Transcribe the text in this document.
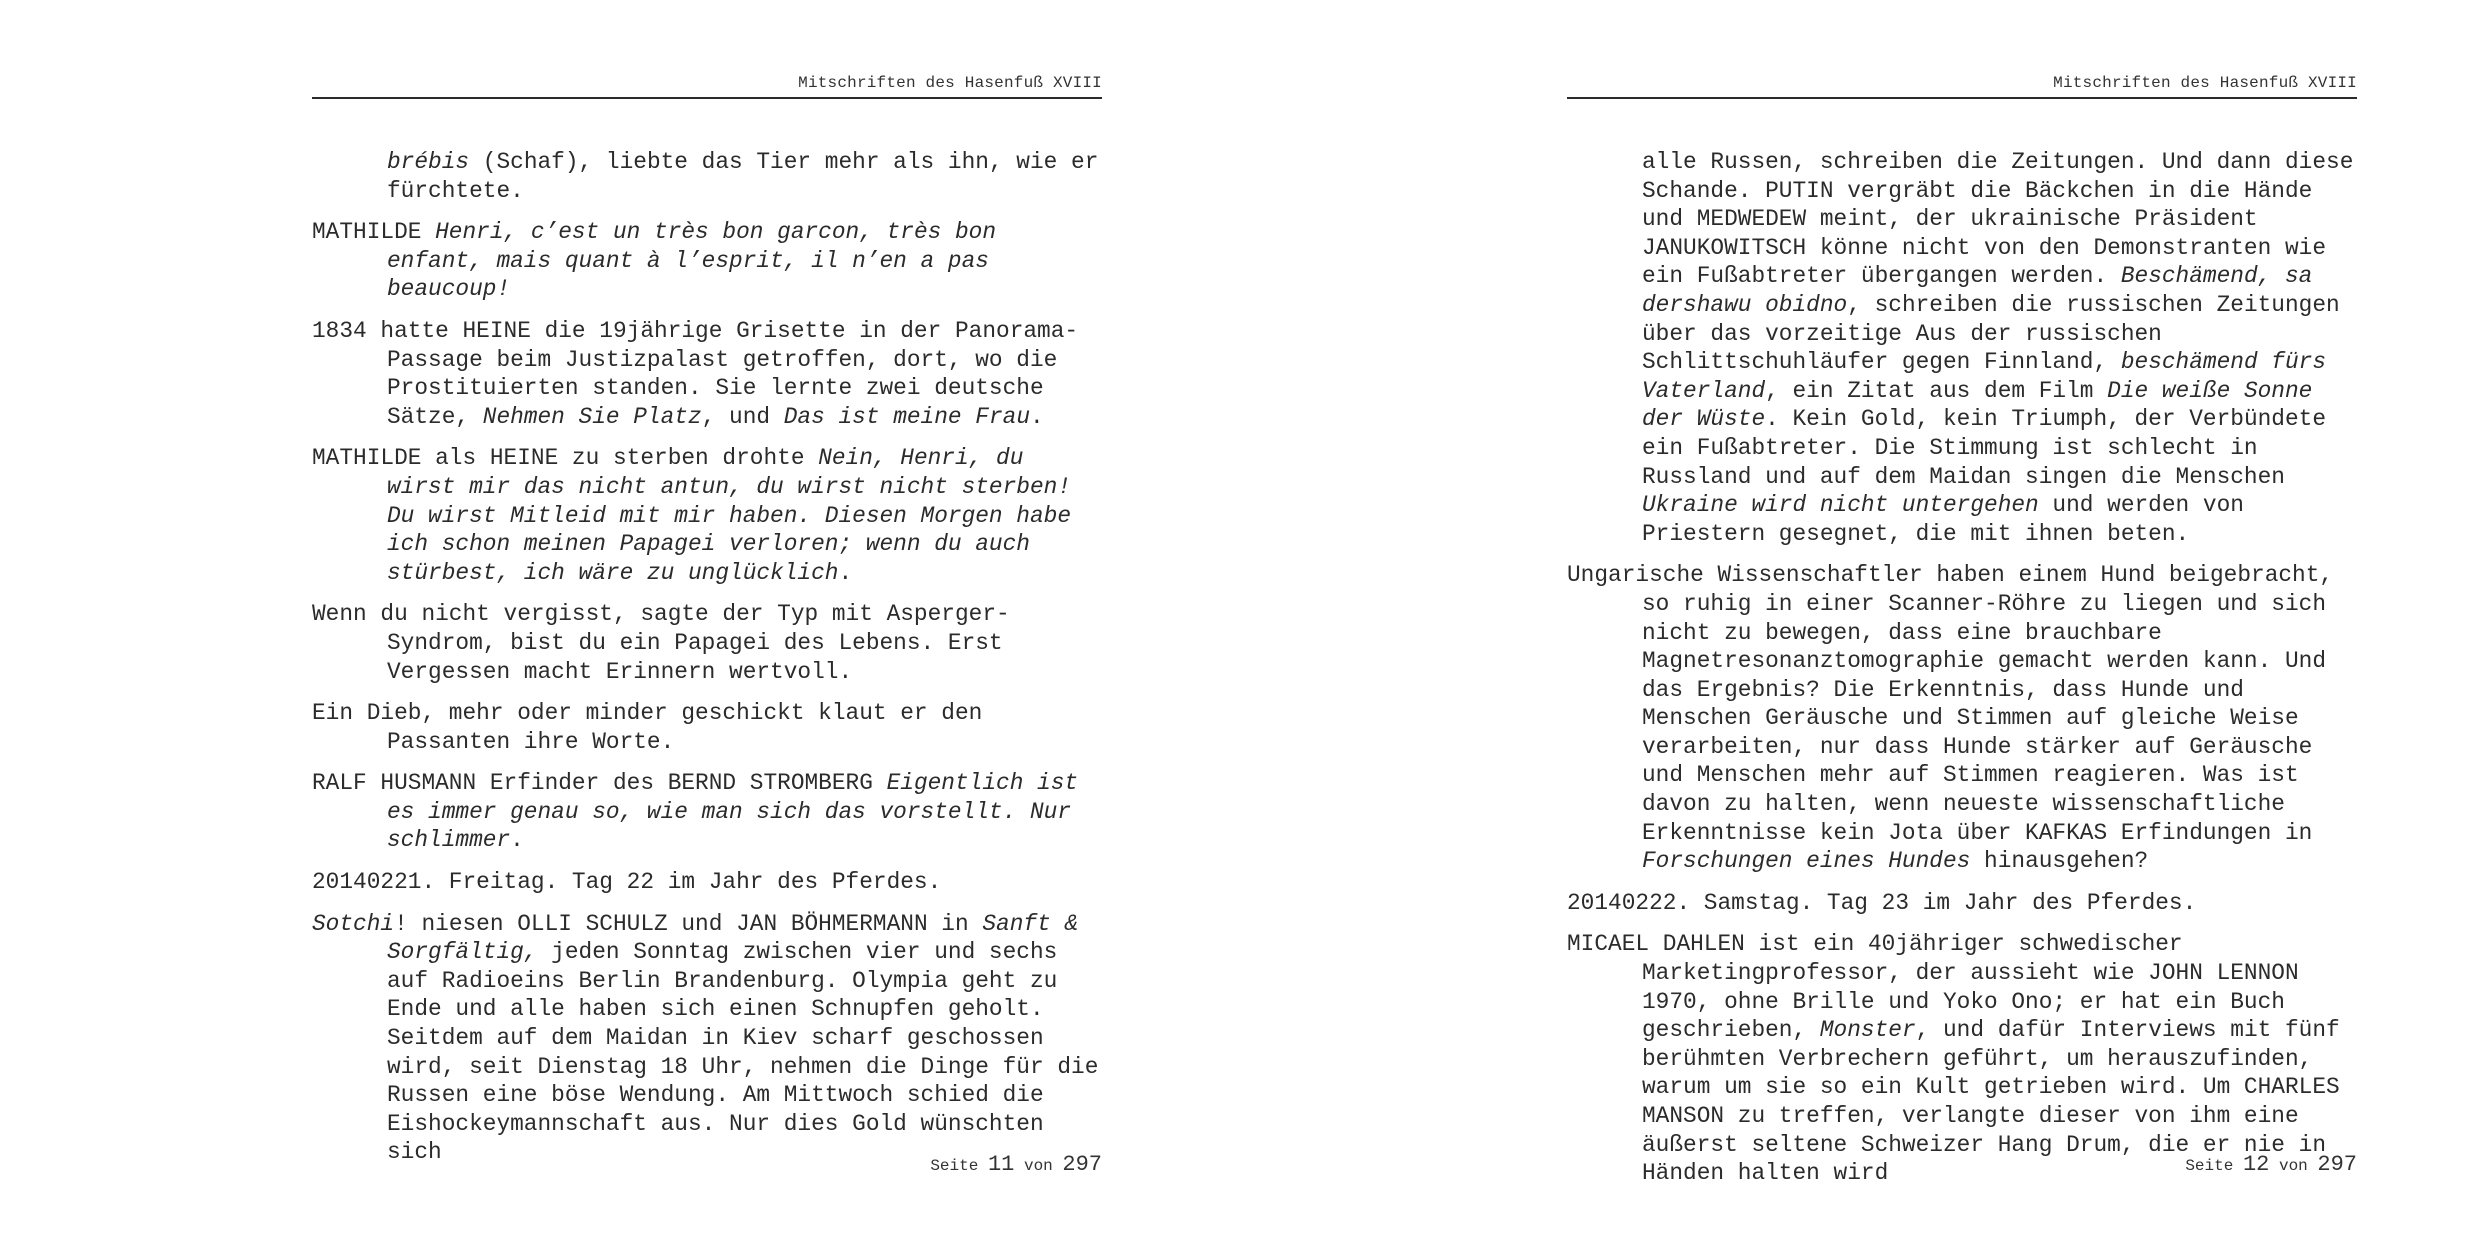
Mitschriften des Hasenfuß XVIII

brébis (Schaf), liebte das Tier mehr als ihn, wie er fürchtete.

MATHILDE Henri, c’est un très bon garcon, très bon enfant, mais quant à l’esprit, il n’en a pas beaucoup!

1834 hatte HEINE die 19jährige Grisette in der Panorama-Passage beim Justizpalast getroffen, dort, wo die Prostituierten standen. Sie lernte zwei deutsche Sätze, Nehmen Sie Platz, und Das ist meine Frau.

MATHILDE als HEINE zu sterben drohte Nein, Henri, du wirst mir das nicht antun, du wirst nicht sterben! Du wirst Mitleid mit mir haben. Diesen Morgen habe ich schon meinen Papagei verloren; wenn du auch stürbest, ich wäre zu unglücklich.

Wenn du nicht vergisst, sagte der Typ mit Asperger-Syndrom, bist du ein Papagei des Lebens. Erst Vergessen macht Erinnern wertvoll.

Ein Dieb, mehr oder minder geschickt klaut er den Passanten ihre Worte.

RALF HUSMANN Erfinder des BERND STROMBERG Eigentlich ist es immer genau so, wie man sich das vorstellt. Nur schlimmer.

20140221. Freitag. Tag 22 im Jahr des Pferdes.

Sotchi! niesen OLLI SCHULZ und JAN BÖHMERMANN in Sanft & Sorgfältig, jeden Sonntag zwischen vier und sechs auf Radioeins Berlin Brandenburg. Olympia geht zu Ende und alle haben sich einen Schnupfen geholt. Seitdem auf dem Maidan in Kiev scharf geschossen wird, seit Dienstag 18 Uhr, nehmen die Dinge für die Russen eine böse Wendung. Am Mittwoch schied die Eishockeymannschaft aus. Nur dies Gold wünschten sich

Seite 11 von 297
Mitschriften des Hasenfuß XVIII

alle Russen, schreiben die Zeitungen. Und dann diese Schande. PUTIN vergräbt die Bäckchen in die Hände und MEDWEDEW meint, der ukrainische Präsident JANUKOWITSCH könne nicht von den Demonstranten wie ein Fußabtreter übergangen werden. Beschämend, sa dershawu obidno, schreiben die russischen Zeitungen über das vorzeitige Aus der russischen Schlittschuhläufer gegen Finnland, beschämend fürs Vaterland, ein Zitat aus dem Film Die weiße Sonne der Wüste. Kein Gold, kein Triumph, der Verbündete ein Fußabtreter. Die Stimmung ist schlecht in Russland und auf dem Maidan singen die Menschen Ukraine wird nicht untergehen und werden von Priestern gesegnet, die mit ihnen beten.

Ungarische Wissenschaftler haben einem Hund beigebracht, so ruhig in einer Scanner-Röhre zu liegen und sich nicht zu bewegen, dass eine brauchbare Magnetresonanztomographie gemacht werden kann. Und das Ergebnis? Die Erkenntnis, dass Hunde und Menschen Geräusche und Stimmen auf gleiche Weise verarbeiten, nur dass Hunde stärker auf Geräusche und Menschen mehr auf Stimmen reagieren. Was ist davon zu halten, wenn neueste wissenschaftliche Erkenntnisse kein Jota über KAFKAS Erfindungen in Forschungen eines Hundes hinausgehen?

20140222. Samstag. Tag 23 im Jahr des Pferdes.

MICAEL DAHLEN ist ein 40jähriger schwedischer Marketingprofessor, der aussieht wie JOHN LENNON 1970, ohne Brille und Yoko Ono; er hat ein Buch geschrieben, Monster, und dafür Interviews mit fünf berühmten Verbrechern geführt, um herauszufinden, warum um sie so ein Kult getrieben wird. Um CHARLES MANSON zu treffen, verlangte dieser von ihm eine äußerst seltene Schweizer Hang Drum, die er nie in Händen halten wird	Seite 12 von 297
